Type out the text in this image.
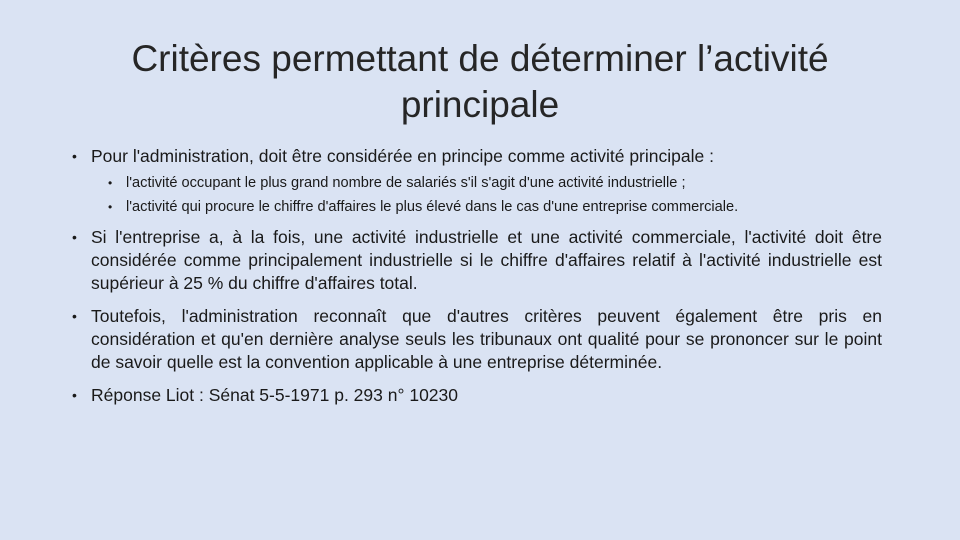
Critères permettant de déterminer l’activité principale
• Pour l'administration, doit être considérée en principe comme activité principale :
• l'activité occupant le plus grand nombre de salariés s'il s'agit d'une activité industrielle ;
• l'activité qui procure le chiffre d'affaires le plus élevé dans le cas d'une entreprise commerciale.
• Si l'entreprise a, à la fois, une activité industrielle et une activité commerciale, l'activité doit être considérée comme principalement industrielle si le chiffre d'affaires relatif à l'activité industrielle est supérieur à 25 % du chiffre d'affaires total.
• Toutefois, l'administration reconnaît que d'autres critères peuvent également être pris en considération et qu'en dernière analyse seuls les tribunaux ont qualité pour se prononcer sur le point de savoir quelle est la convention applicable à une entreprise déterminée.
• Réponse Liot : Sénat 5-5-1971 p. 293 n° 10230
